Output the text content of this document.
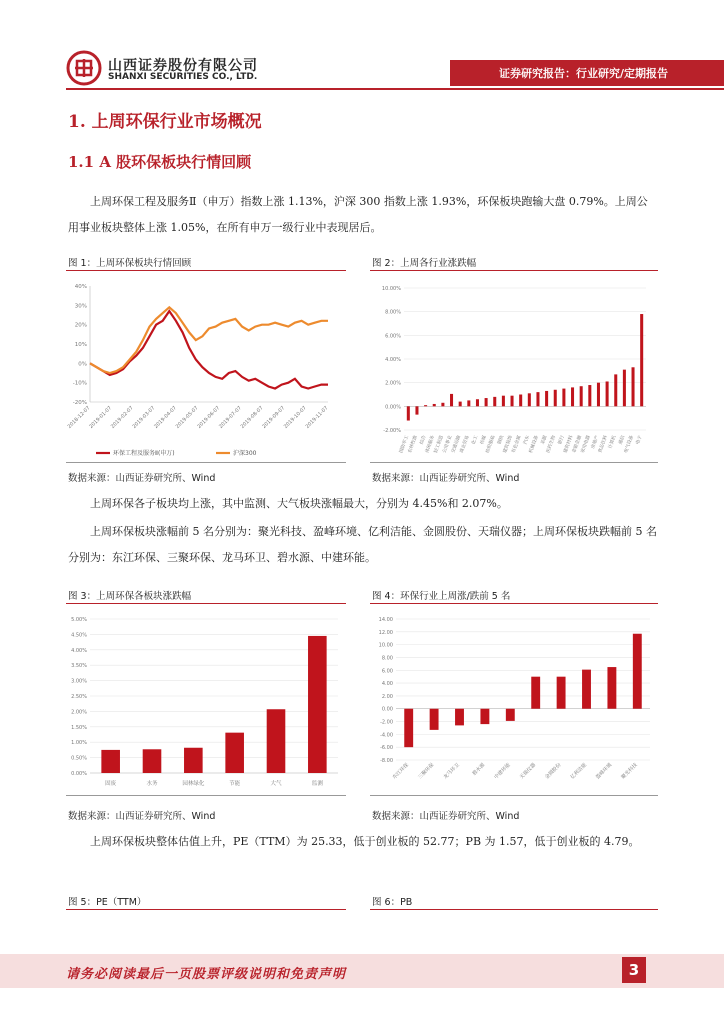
山西证券股份有限公司
SHANXI SECURITIES CO., LTD.	证券研究报告：行业研究/定期报告
1. 上周环保行业市场概况
1.1 A 股环保板块行情回顾
上周环保工程及服务Ⅱ（申万）指数上涨 1.13%，沪深 300 指数上涨 1.93%，环保板块跑输大盘 0.79%。上周公用事业板块整体上涨 1.05%，在所有申万一级行业中表现居后。
图 1：上周环保板块行情回顾
40%
30%
20%
10%
0%
-10%
-20%
2018-12-07
2019-01-07
2019-02-07
2019-03-07
2019-04-07
2019-05-07
2019-06-07
2019-07-07
2019-08-07
2019-09-07
2019-10-07
2019-11-07
环保工程及服务Ⅱ(申万)	沪深300
数据来源：山西证券研究所、Wind
图 2：上周各行业涨跌幅
10.00%
8.00%
6.00%
4.00%
2.00%
0.00%
-2.00%
国防军工
农林牧渔 综合
休闲服务
轻工制造
公用事业
交通运输
商业贸易 化工 传媒
纺织服装 钢铁
建筑装饰
有色金属 汽车
机械设备 采掘
医药生物 银行
建筑材料
非银金融
家用电器 房地产
食品饮料 计算机 通信
电气设备 电子
数据来源：山西证券研究所、Wind
上周环保各子板块均上涨，其中监测、大气板块涨幅最大，分别为 4.45%和 2.07%。
上周环保板块涨幅前 5 名分别为：聚光科技、盈峰环境、亿利洁能、金圆股份、天瑞仪器；上周环保板块跌幅前 5 名分别为：东江环保、三聚环保、龙马环卫、碧水源、中建环能。
图 3：上周环保各板块涨跌幅
5.00%
4.50%
4.00%
3.50%
3.00%
2.50%
2.00%
1.50%
1.00%
0.50%
0.00%
固废	水务	园林绿化	节能	大气	监测
数据来源：山西证券研究所、Wind
图 4：环保行业上周涨/跌前 5 名
14.00
12.00
10.00
8.00
6.00
4.00
2.00
0.00
-2.00
-4.00
-6.00
-8.00
东江环保 三聚环保 龙马环卫 碧水源 中建环能 天瑞仪器 金圆股份 亿利洁能 盈峰环境 聚光科技
数据来源：山西证券研究所、Wind
上周环保板块整体估值上升，PE（TTM）为 25.33，低于创业板的 52.77；PB 为 1.57，低于创业板的 4.79。
图 5：PE（TTM）	图 6：PB
请务必阅读最后一页股票评级说明和免责声明	3
